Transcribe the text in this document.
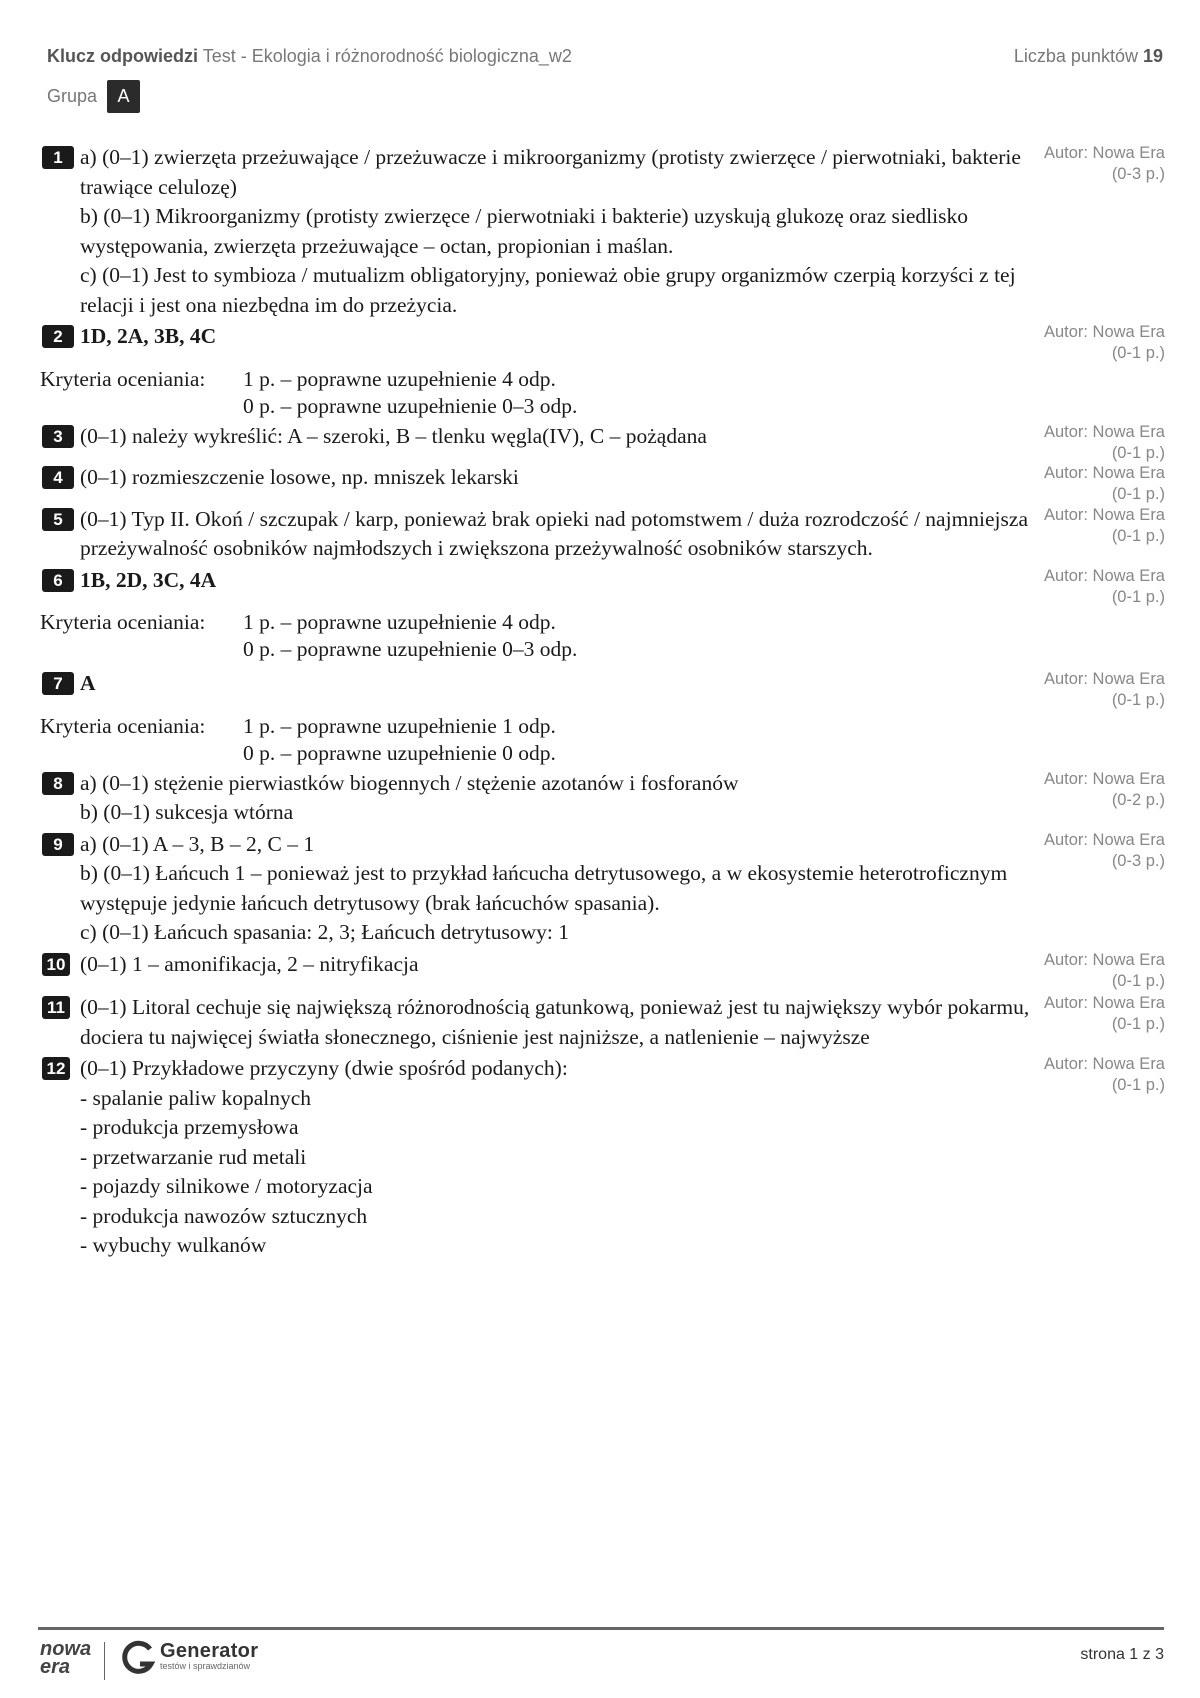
Klucz odpowiedzi Test - Ekologia i różnorodność biologiczna_w2	Liczba punktów 19
Grupa	A
1	Autor: Nowa Era
(0-3 p.)
a) (0–1) zwierzęta przeżuwające / przeżuwacze i mikroorganizmy (protisty zwierzęce / pierwotniaki, bakterie trawiące celulozę)
b) (0–1) Mikroorganizmy (protisty zwierzęce / pierwotniaki i bakterie) uzyskują glukozę oraz siedlisko występowania, zwierzęta przeżuwające – octan, propionian i maślan.
c) (0–1) Jest to symbioza / mutualizm obligatoryjny, ponieważ obie grupy organizmów czerpią korzyści z tej relacji i jest ona niezbędna im do przeżycia.
2	Autor: Nowa Era
(0-1 p.)
1D, 2A, 3B, 4C
Kryteria oceniania:	1 p. – poprawne uzupełnienie 4 odp.
0 p. – poprawne uzupełnienie 0–3 odp.
3	Autor: Nowa Era
(0-1 p.)
(0–1) należy wykreślić: A – szeroki, B – tlenku węgla(IV), C – pożądana
4	Autor: Nowa Era
(0-1 p.)
(0–1) rozmieszczenie losowe, np. mniszek lekarski
5	Autor: Nowa Era
(0-1 p.)
(0–1) Typ II. Okoń / szczupak / karp, ponieważ brak opieki nad potomstwem / duża rozrodczość / najmniejsza przeżywalność osobników najmłodszych i zwiększona przeżywalność osobników starszych.
6	Autor: Nowa Era
(0-1 p.)
1B, 2D, 3C, 4A
Kryteria oceniania:	1 p. – poprawne uzupełnienie 4 odp.
0 p. – poprawne uzupełnienie 0–3 odp.
7	Autor: Nowa Era
(0-1 p.)
A
Kryteria oceniania:	1 p. – poprawne uzupełnienie 1 odp.
0 p. – poprawne uzupełnienie 0 odp.
8	Autor: Nowa Era
(0-2 p.)
a) (0–1) stężenie pierwiastków biogennych / stężenie azotanów i fosforanów
b) (0–1) sukcesja wtórna
9	Autor: Nowa Era
(0-3 p.)
a) (0–1) A – 3, B – 2, C – 1
b) (0–1) Łańcuch 1 – ponieważ jest to przykład łańcucha detrytusowego, a w ekosystemie heterotroficznym występuje jedynie łańcuch detrytusowy (brak łańcuchów spasania).
c) (0–1) Łańcuch spasania: 2, 3; Łańcuch detrytusowy: 1
10	Autor: Nowa Era
(0-1 p.)
(0–1) 1 – amonifikacja, 2 – nitryfikacja
11	Autor: Nowa Era
(0-1 p.)
(0–1) Litoral cechuje się największą różnorodnością gatunkową, ponieważ jest tu największy wybór pokarmu, dociera tu najwięcej światła słonecznego, ciśnienie jest najniższe, a natlenienie – najwyższe
12	Autor: Nowa Era
(0-1 p.)
(0–1) Przykładowe przyczyny (dwie spośród podanych):
- spalanie paliw kopalnych
- produkcja przemysłowa
- przetwarzanie rud metali
- pojazdy silnikowe / motoryzacja
- produkcja nawozów sztucznych
- wybuchy wulkanów
nowa
era
Generator
testów i sprawdzianów
strona 1 z 3
